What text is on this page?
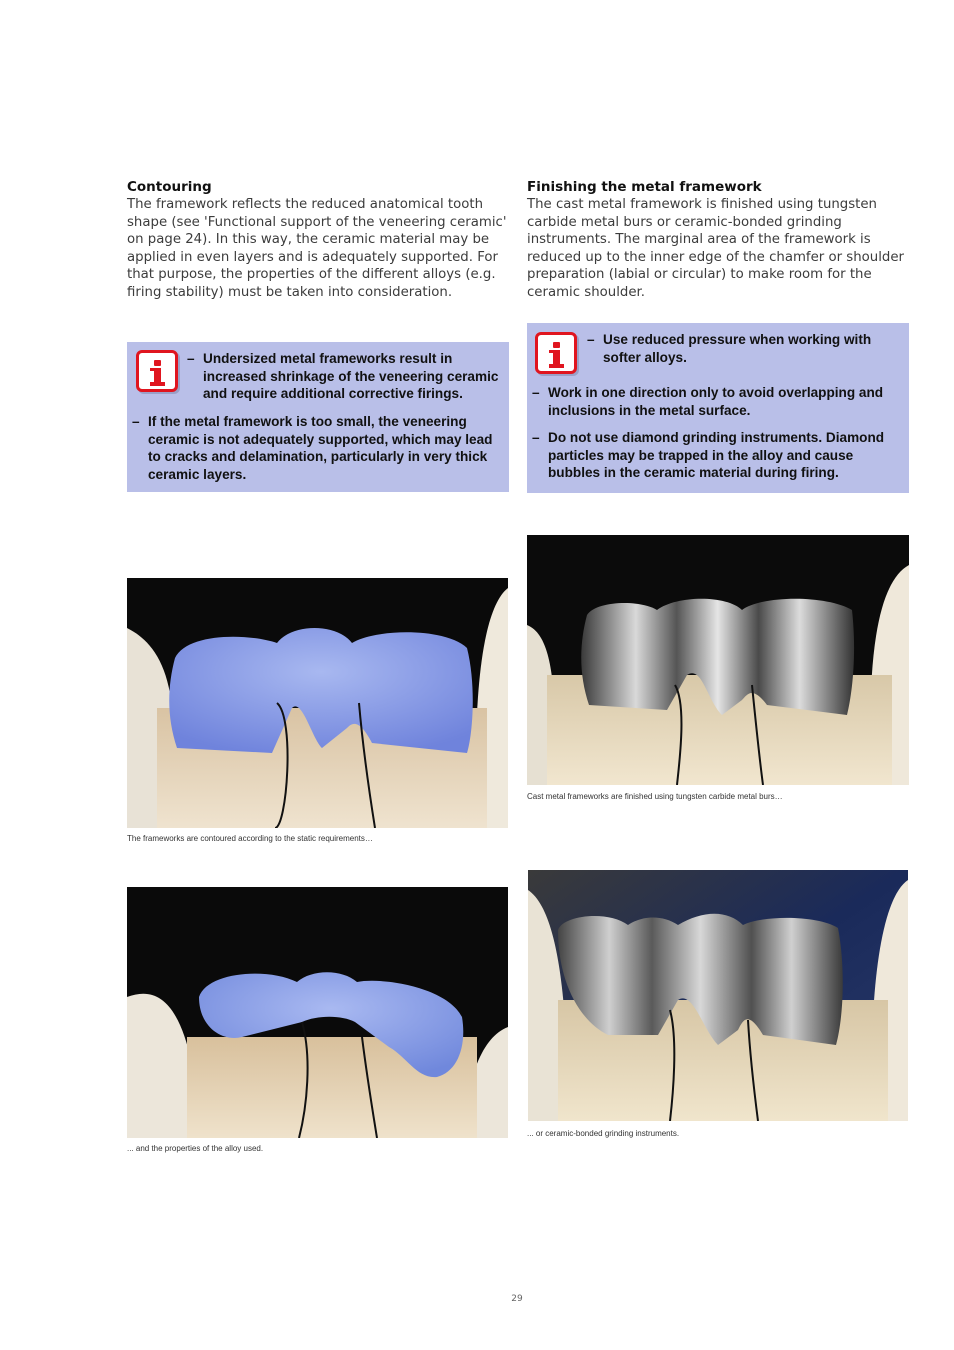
Contouring

The framework reflects the reduced anatomical tooth shape (see 'Functional support of the veneering ceramic' on page 24). In this way, the ceramic material may be applied in even layers and is adequately supported. For that purpose, the properties of the different alloys (e.g. firing stability) must be taken into consideration.

Finishing the metal framework

The cast metal framework is finished using tungsten carbide metal burs or ceramic-bonded grinding instruments. The marginal area of the framework is reduced up to the inner edge of the chamfer or shoulder preparation (labial or circular) to make room for the ceramic shoulder.

– Undersized metal frameworks result in increased shrinkage of the veneering ceramic and require additional corrective firings.
– If the metal framework is too small, the veneering ceramic is not adequately supported, which may lead to cracks and delamination, particularly in very thick ceramic layers.
– Use reduced pressure when working with softer alloys.
– Work in one direction only to avoid overlapping and inclusions in the metal surface.
– Do not use diamond grinding instruments. Diamond particles may be trapped in the alloy and cause bubbles in the ceramic material during firing.
The frameworks are contoured according to the static requirements…
Cast metal frameworks are finished using tungsten carbide metal burs…
... and the properties of the alloy used.
... or ceramic-bonded grinding instruments.
29
